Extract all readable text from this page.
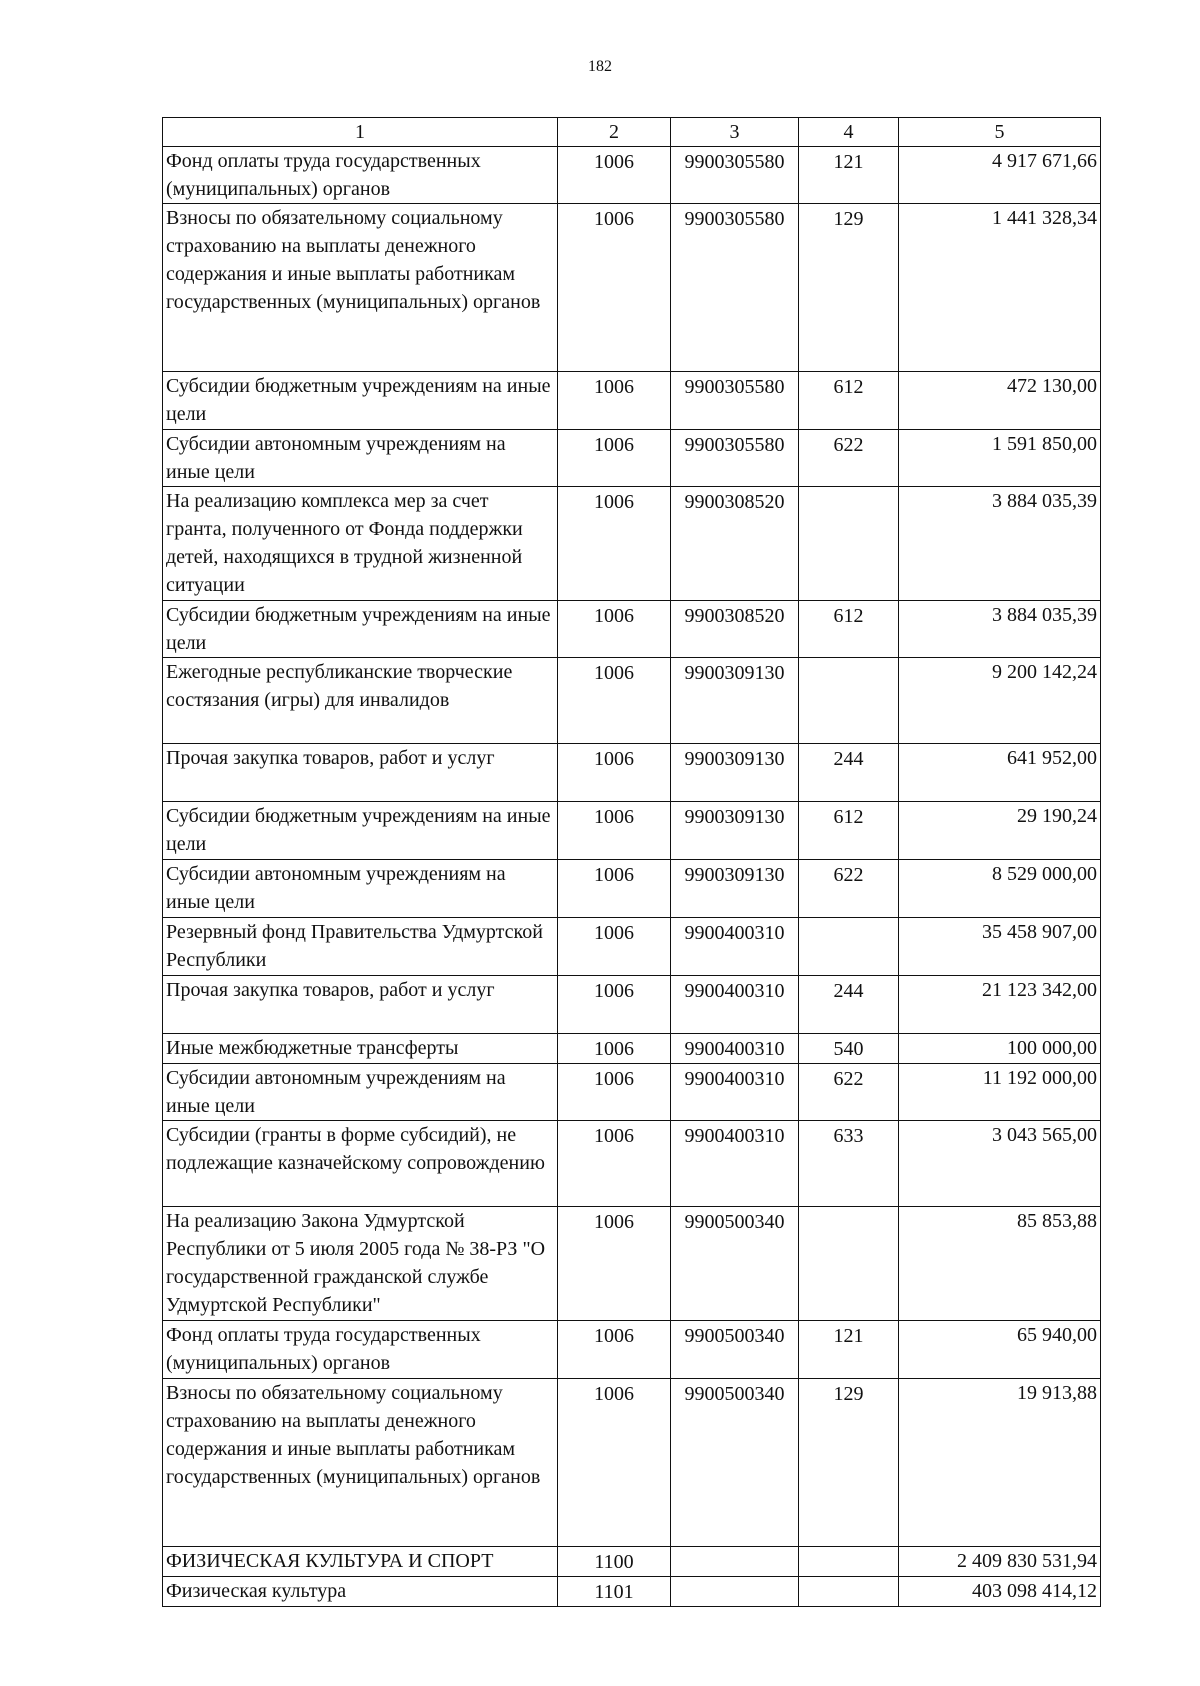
182
1	2	3	4	5
Фонд оплаты труда государственных (муниципальных) органов	1006	9900305580	121	4 917 671,66
Взносы по обязательному социальному страхованию на выплаты денежного содержания и иные выплаты работникам государственных (муниципальных) органов	1006	9900305580	129	1 441 328,34
Субсидии бюджетным учреждениям на иные цели	1006	9900305580	612	472 130,00
Субсидии автономным учреждениям на иные цели	1006	9900305580	622	1 591 850,00
На реализацию комплекса мер за счет гранта, полученного от Фонда поддержки детей, находящихся в трудной жизненной ситуации	1006	9900308520		3 884 035,39
Субсидии бюджетным учреждениям на иные цели	1006	9900308520	612	3 884 035,39
Ежегодные республиканские творческие состязания (игры) для инвалидов	1006	9900309130		9 200 142,24
Прочая закупка товаров, работ и услуг	1006	9900309130	244	641 952,00
Субсидии бюджетным учреждениям на иные цели	1006	9900309130	612	29 190,24
Субсидии автономным учреждениям на иные цели	1006	9900309130	622	8 529 000,00
Резервный фонд Правительства Удмуртской Республики	1006	9900400310		35 458 907,00
Прочая закупка товаров, работ и услуг	1006	9900400310	244	21 123 342,00
Иные межбюджетные трансферты	1006	9900400310	540	100 000,00
Субсидии автономным учреждениям на иные цели	1006	9900400310	622	11 192 000,00
Субсидии (гранты в форме субсидий), не подлежащие казначейскому сопровождению	1006	9900400310	633	3 043 565,00
На реализацию Закона Удмуртской Республики от 5 июля 2005 года № 38-РЗ "О государственной гражданской службе Удмуртской Республики"	1006	9900500340		85 853,88
Фонд оплаты труда государственных (муниципальных) органов	1006	9900500340	121	65 940,00
Взносы по обязательному социальному страхованию на выплаты денежного содержания и иные выплаты работникам государственных (муниципальных) органов	1006	9900500340	129	19 913,88
ФИЗИЧЕСКАЯ КУЛЬТУРА И СПОРТ	1100			2 409 830 531,94
Физическая культура	1101			403 098 414,12
